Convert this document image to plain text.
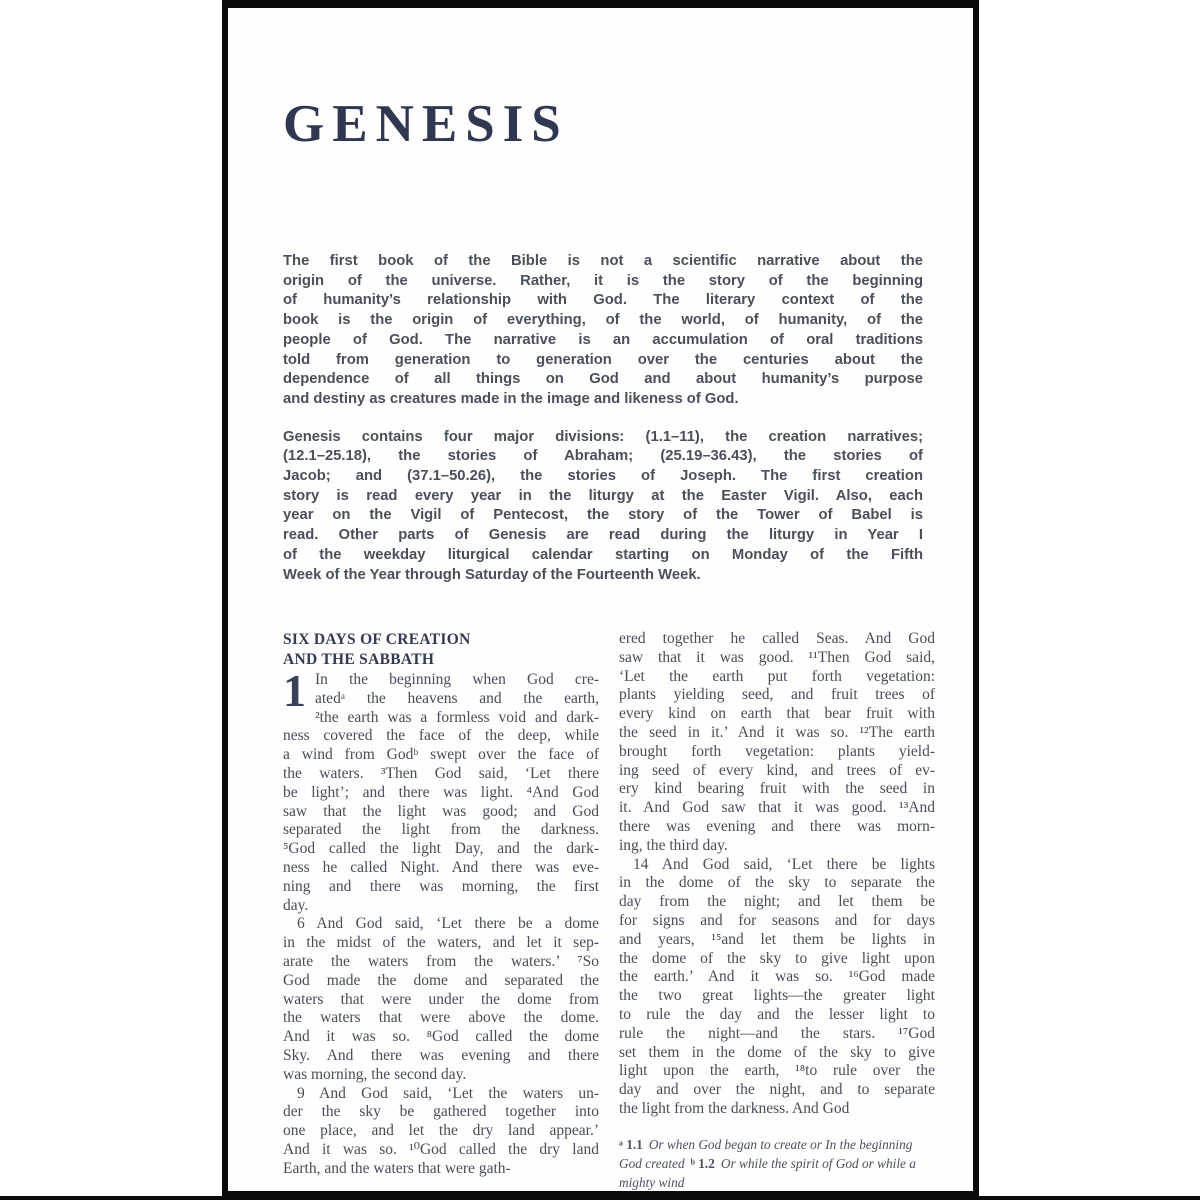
GENESIS
The first book of the Bible is not a scientific narrative about the
origin of the universe. Rather, it is the story of the beginning
of humanity’s relationship with God. The literary context of the
book is the origin of everything, of the world, of humanity, of the
people of God. The narrative is an accumulation of oral traditions
told from generation to generation over the centuries about the
dependence of all things on God and about humanity’s purpose
and destiny as creatures made in the image and likeness of God.
Genesis contains four major divisions: (1.1–11), the creation narratives;
(12.1–25.18), the stories of Abraham; (25.19–36.43), the stories of
Jacob; and (37.1–50.26), the stories of Joseph. The first creation
story is read every year in the liturgy at the Easter Vigil. Also, each
year on the Vigil of Pentecost, the story of the Tower of Babel is
read. Other parts of Genesis are read during the liturgy in Year I
of the weekday liturgical calendar starting on Monday of the Fifth
Week of the Year through Saturday of the Fourteenth Week.
SIX DAYS OF CREATION
AND THE SABBATH
1 In the beginning when God cre-
atedᵃ the heavens and the earth,
²the earth was a formless void and dark-
ness covered the face of the deep, while
a wind from Godᵇ swept over the face of
the waters. ³Then God said, ‘Let there
be light’; and there was light. ⁴And God
saw that the light was good; and God
separated the light from the darkness.
⁵God called the light Day, and the dark-
ness he called Night. And there was eve-
ning and there was morning, the first
day.
6 And God said, ‘Let there be a dome
in the midst of the waters, and let it sep-
arate the waters from the waters.’ ⁷So
God made the dome and separated the
waters that were under the dome from
the waters that were above the dome.
And it was so. ⁸God called the dome
Sky. And there was evening and there
was morning, the second day.
9 And God said, ‘Let the waters un-
der the sky be gathered together into
one place, and let the dry land appear.’
And it was so. ¹⁰God called the dry land
Earth, and the waters that were gath-
ered together he called Seas. And God
saw that it was good. ¹¹Then God said,
‘Let the earth put forth vegetation:
plants yielding seed, and fruit trees of
every kind on earth that bear fruit with
the seed in it.’ And it was so. ¹²The earth
brought forth vegetation: plants yield-
ing seed of every kind, and trees of ev-
ery kind bearing fruit with the seed in
it. And God saw that it was good. ¹³And
there was evening and there was morn-
ing, the third day.
14 And God said, ‘Let there be lights
in the dome of the sky to separate the
day from the night; and let them be
for signs and for seasons and for days
and years, ¹⁵and let them be lights in
the dome of the sky to give light upon
the earth.’ And it was so. ¹⁶God made
the two great lights—the greater light
to rule the day and the lesser light to
rule the night—and the stars. ¹⁷God
set them in the dome of the sky to give
light upon the earth, ¹⁸to rule over the
day and over the night, and to separate
the light from the darkness. And God
ᵃ 1.1 Or when God began to create or In the beginning God created ᵇ 1.2 Or while the spirit of God or while a mighty wind
